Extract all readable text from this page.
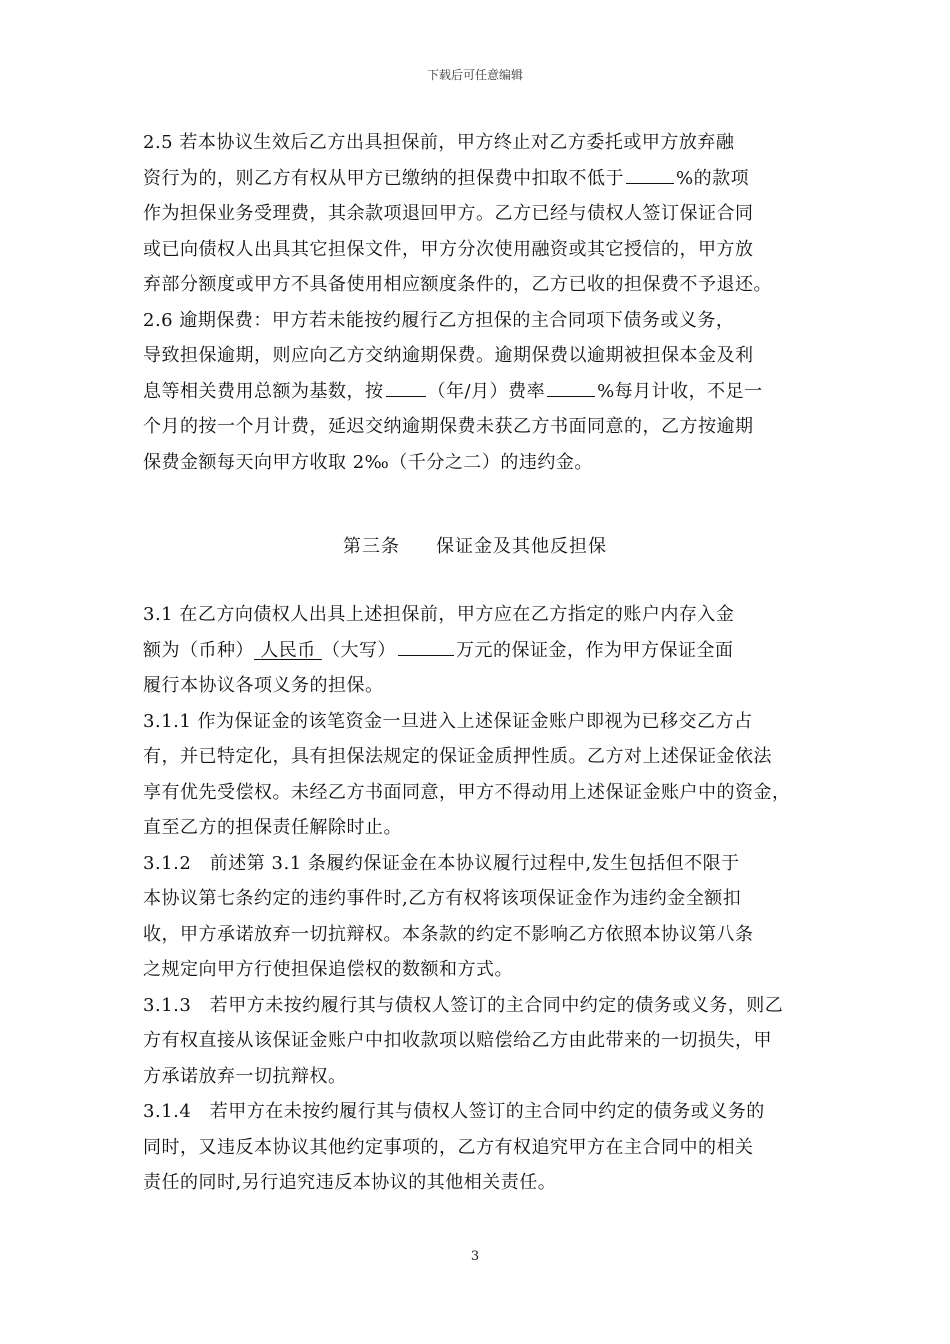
下载后可任意编辑
2.5 若本协议生效后乙方出具担保前，甲方终止对乙方委托或甲方放弃融
资行为的，则乙方有权从甲方已缴纳的担保费中扣取不低于	%的款项
作为担保业务受理费，其余款项退回甲方。乙方已经与债权人签订保证合同
或已向债权人出具其它担保文件，甲方分次使用融资或其它授信的，甲方放
弃部分额度或甲方不具备使用相应额度条件的，乙方已收的担保费不予退还。
2.6 逾期保费：甲方若未能按约履行乙方担保的主合同项下债务或义务，
导致担保逾期，则应向乙方交纳逾期保费。逾期保费以逾期被担保本金及利
息等相关费用总额为基数，按 （年/月）费率	%每月计收，不足一
个月的按一个月计费，延迟交纳逾期保费未获乙方书面同意的，乙方按逾期
保费金额每天向甲方收取 2‰（千分之二）的违约金。
第三条 保证金及其他反担保
3.1 在乙方向债权人出具上述担保前，甲方应在乙方指定的账户内存入金
额为（币种） 人民币 （大写）	万元的保证金，作为甲方保证全面
履行本协议各项义务的担保。
3.1.1 作为保证金的该笔资金一旦进入上述保证金账户即视为已移交乙方占
有，并已特定化，具有担保法规定的保证金质押性质。乙方对上述保证金依法
享有优先受偿权。未经乙方书面同意，甲方不得动用上述保证金账户中的资金，
直至乙方的担保责任解除时止。
3.1.2　前述第 3.1 条履约保证金在本协议履行过程中,发生包括但不限于
本协议第七条约定的违约事件时,乙方有权将该项保证金作为违约金全额扣
收，甲方承诺放弃一切抗辩权。本条款的约定不影响乙方依照本协议第八条
之规定向甲方行使担保追偿权的数额和方式。
3.1.3　若甲方未按约履行其与债权人签订的主合同中约定的债务或义务，则乙
方有权直接从该保证金账户中扣收款项以赔偿给乙方由此带来的一切损失，甲
方承诺放弃一切抗辩权。
3.1.4　若甲方在未按约履行其与债权人签订的主合同中约定的债务或义务的
同时，又违反本协议其他约定事项的，乙方有权追究甲方在主合同中的相关
责任的同时,另行追究违反本协议的其他相关责任。
3
